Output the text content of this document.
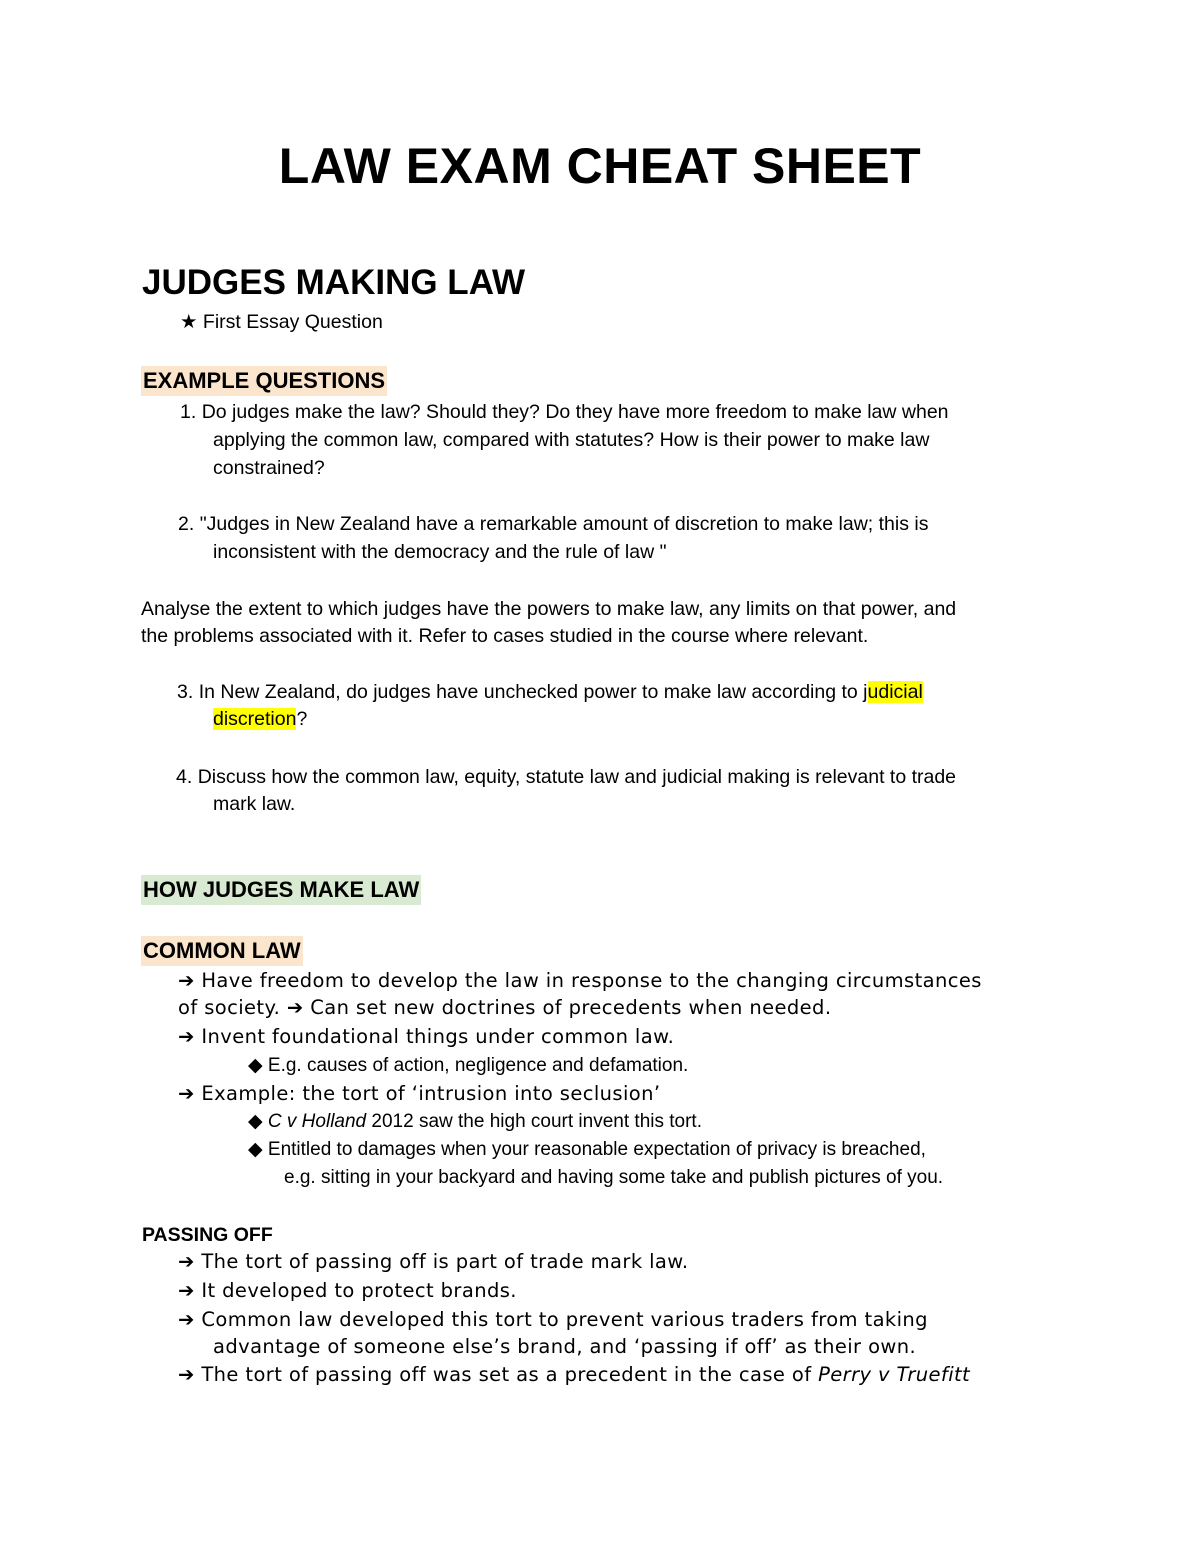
LAW EXAM CHEAT SHEET
JUDGES MAKING LAW
★ First Essay Question
EXAMPLE QUESTIONS
1. Do judges make the law? Should they? Do they have more freedom to make law when
applying the common law, compared with statutes? How is their power to make law
constrained?
2. "Judges in New Zealand have a remarkable amount of discretion to make law; this is
inconsistent with the democracy and the rule of law "
Analyse the extent to which judges have the powers to make law, any limits on that power, and
the problems associated with it. Refer to cases studied in the course where relevant.
3. In New Zealand, do judges have unchecked power to make law according to judicial
discretion?
4. Discuss how the common law, equity, statute law and judicial making is relevant to trade
mark law.
HOW JUDGES MAKE LAW
COMMON LAW
➔ Have freedom to develop the law in response to the changing circumstances
of society. ➔ Can set new doctrines of precedents when needed.
➔ Invent foundational things under common law.
◆ E.g. causes of action, negligence and defamation.
➔ Example: the tort of ‘intrusion into seclusion’
◆ C v Holland 2012 saw the high court invent this tort.
◆ Entitled to damages when your reasonable expectation of privacy is breached,
e.g. sitting in your backyard and having some take and publish pictures of you.
PASSING OFF
➔ The tort of passing off is part of trade mark law.
➔ It developed to protect brands.
➔ Common law developed this tort to prevent various traders from taking
advantage of someone else’s brand, and ‘passing if off’ as their own.
➔ The tort of passing off was set as a precedent in the case of Perry v Truefitt
